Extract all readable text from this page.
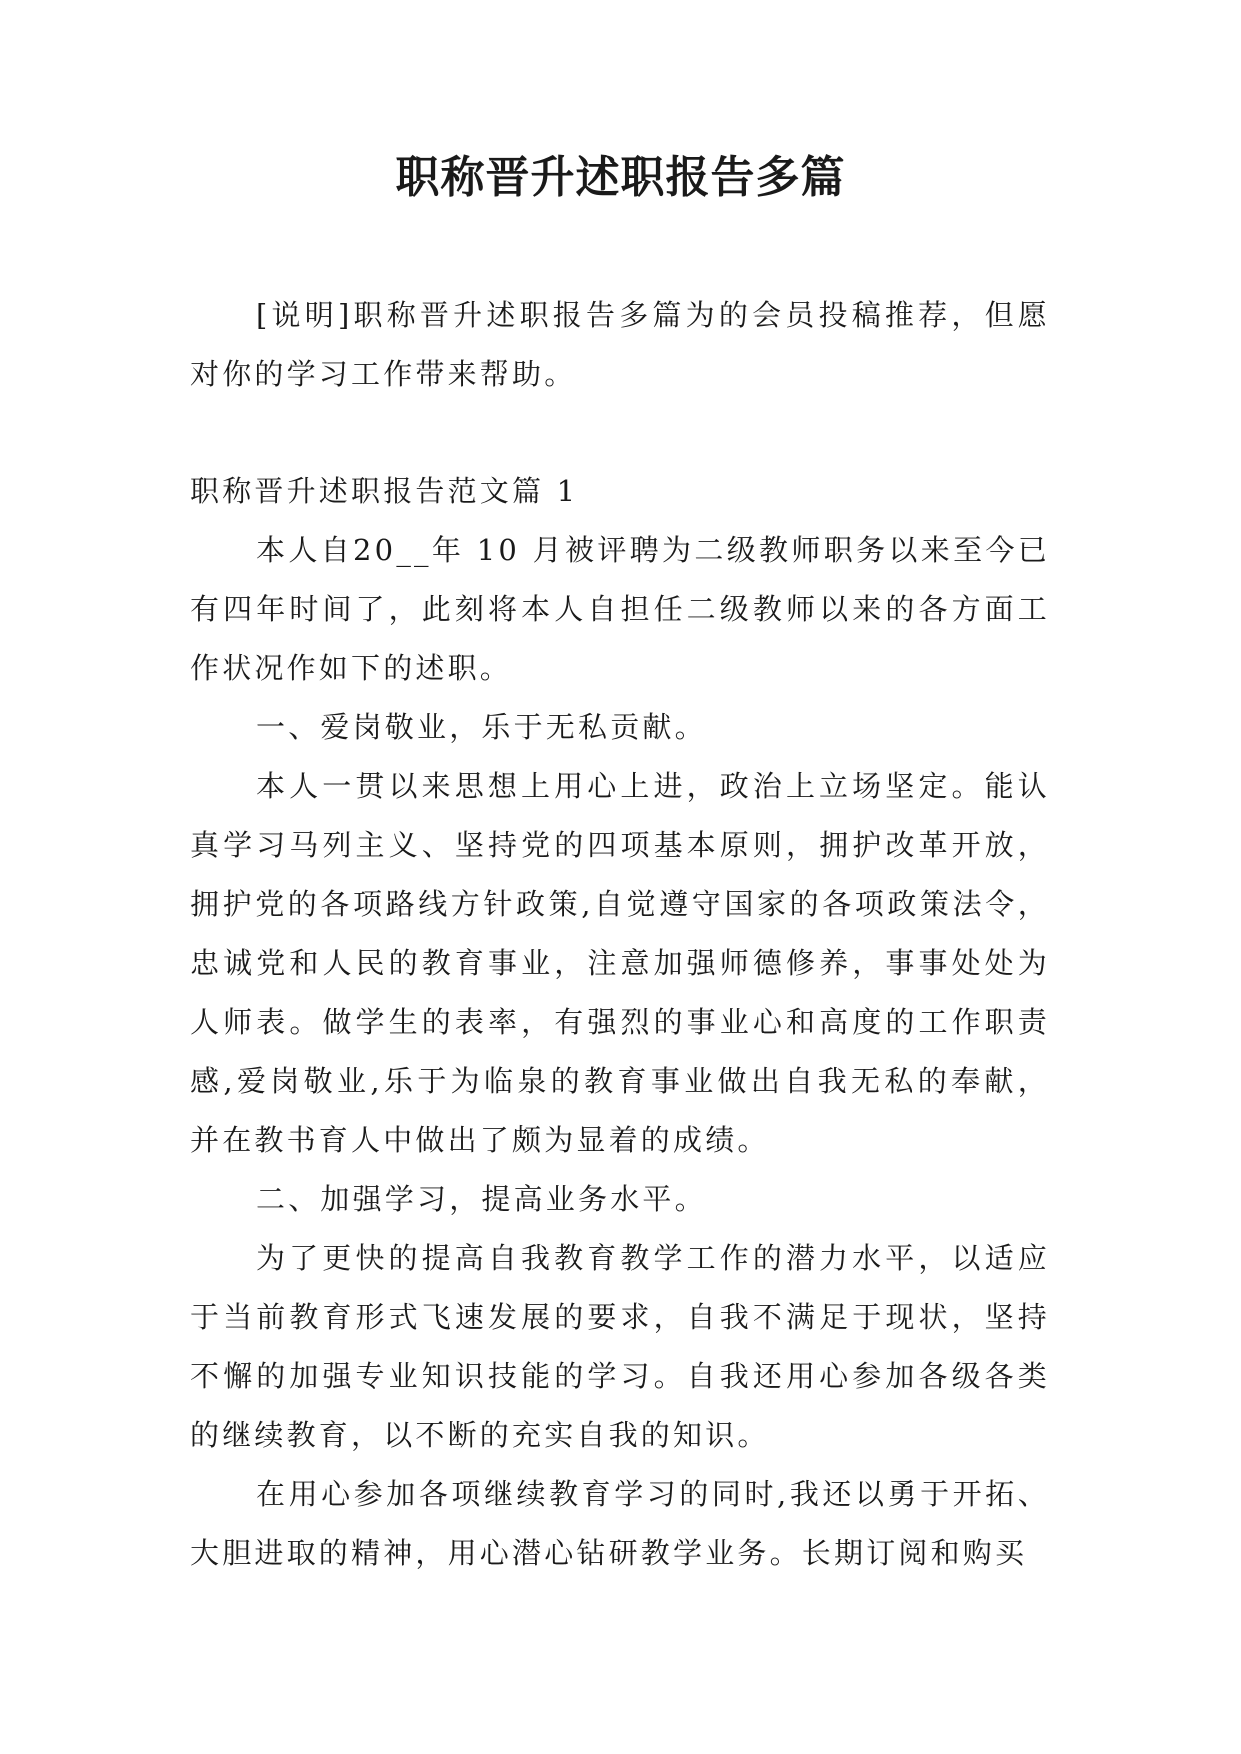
职称晋升述职报告多篇

[说明]职称晋升述职报告多篇为的会员投稿推荐，但愿对你的学习工作带来帮助。

职称晋升述职报告范文篇 1

本人自20__年 10 月被评聘为二级教师职务以来至今已有四年时间了，此刻将本人自担任二级教师以来的各方面工作状况作如下的述职。

一、爱岗敬业，乐于无私贡献。

本人一贯以来思想上用心上进，政治上立场坚定。能认真学习马列主义、坚持党的四项基本原则，拥护改革开放，拥护党的各项路线方针政策,自觉遵守国家的各项政策法令，忠诚党和人民的教育事业，注意加强师德修养，事事处处为人师表。做学生的表率，有强烈的事业心和高度的工作职责感,爱岗敬业,乐于为临泉的教育事业做出自我无私的奉献，并在教书育人中做出了颇为显着的成绩。

二、加强学习，提高业务水平。

为了更快的提高自我教育教学工作的潜力水平，以适应于当前教育形式飞速发展的要求，自我不满足于现状，坚持不懈的加强专业知识技能的学习。自我还用心参加各级各类的继续教育，以不断的充实自我的知识。

在用心参加各项继续教育学习的同时,我还以勇于开拓、大胆进取的精神，用心潜心钻研教学业务。长期订阅和购买
